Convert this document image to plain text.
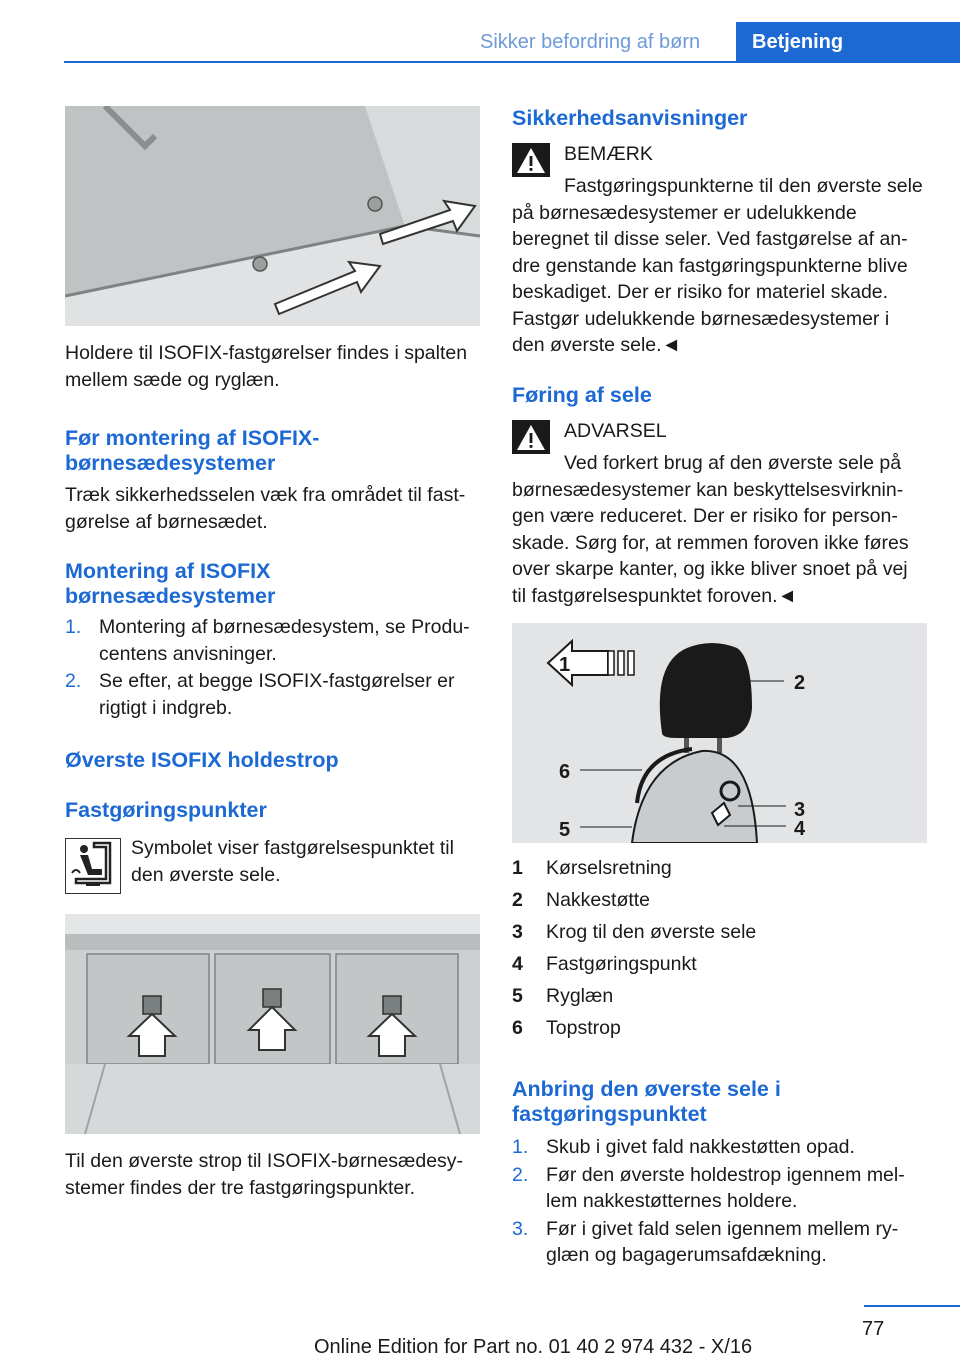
Sikker befordring af børn	Betjening
Holdere til ISOFIX-fastgørelser findes i spalten mellem sæde og ryglæn.
Før montering af ISOFIX-børnesædesystemer
Træk sikkerhedsselen væk fra området til fast‐gørelse af børnesædet.
Montering af ISOFIX børnesædesystemer
1. Montering af børnesædesystem, se Produ‐centens anvisninger.
2. Se efter, at begge ISOFIX-fastgørelser er rigtigt i indgreb.
Øverste ISOFIX holdestrop
Fastgøringspunkter
Symbolet viser fastgørelsespunktet til den øverste sele.
Til den øverste strop til ISOFIX-børnesædesy‐stemer findes der tre fastgøringspunkter.
Sikkerhedsanvisninger
BEMÆRK
Fastgøringspunkterne til den øverste sele på børnesædesystemer er udelukkende beregnet til disse seler. Ved fastgørelse af an‐dre genstande kan fastgøringspunkterne blive beskadiget. Der er risiko for materiel skade. Fastgør udelukkende børnesædesystemer i den øverste sele.◄
Føring af sele
ADVARSEL
Ved forkert brug af den øverste sele på børnesædesystemer kan beskyttelsesvirknin‐gen være reduceret. Der er risiko for person‐skade. Sørg for, at remmen foroven ikke føres over skarpe kanter, og ikke bliver snoet på vej til fastgørelsespunktet foroven.◄
1
2
3
4
5
6
1 Kørselsretning
2 Nakkestøtte
3 Krog til den øverste sele
4 Fastgøringspunkt
5 Ryglæn
6 Topstrop
Anbring den øverste sele i fastgøringspunktet
1. Skub i givet fald nakkestøtten opad.
2. Før den øverste holdestrop igennem mel‐lem nakkestøtternes holdere.
3. Før i givet fald selen igennem mellem ry‐glæn og bagagerumsafdækning.
77
Online Edition for Part no. 01 40 2 974 432 - X/16
